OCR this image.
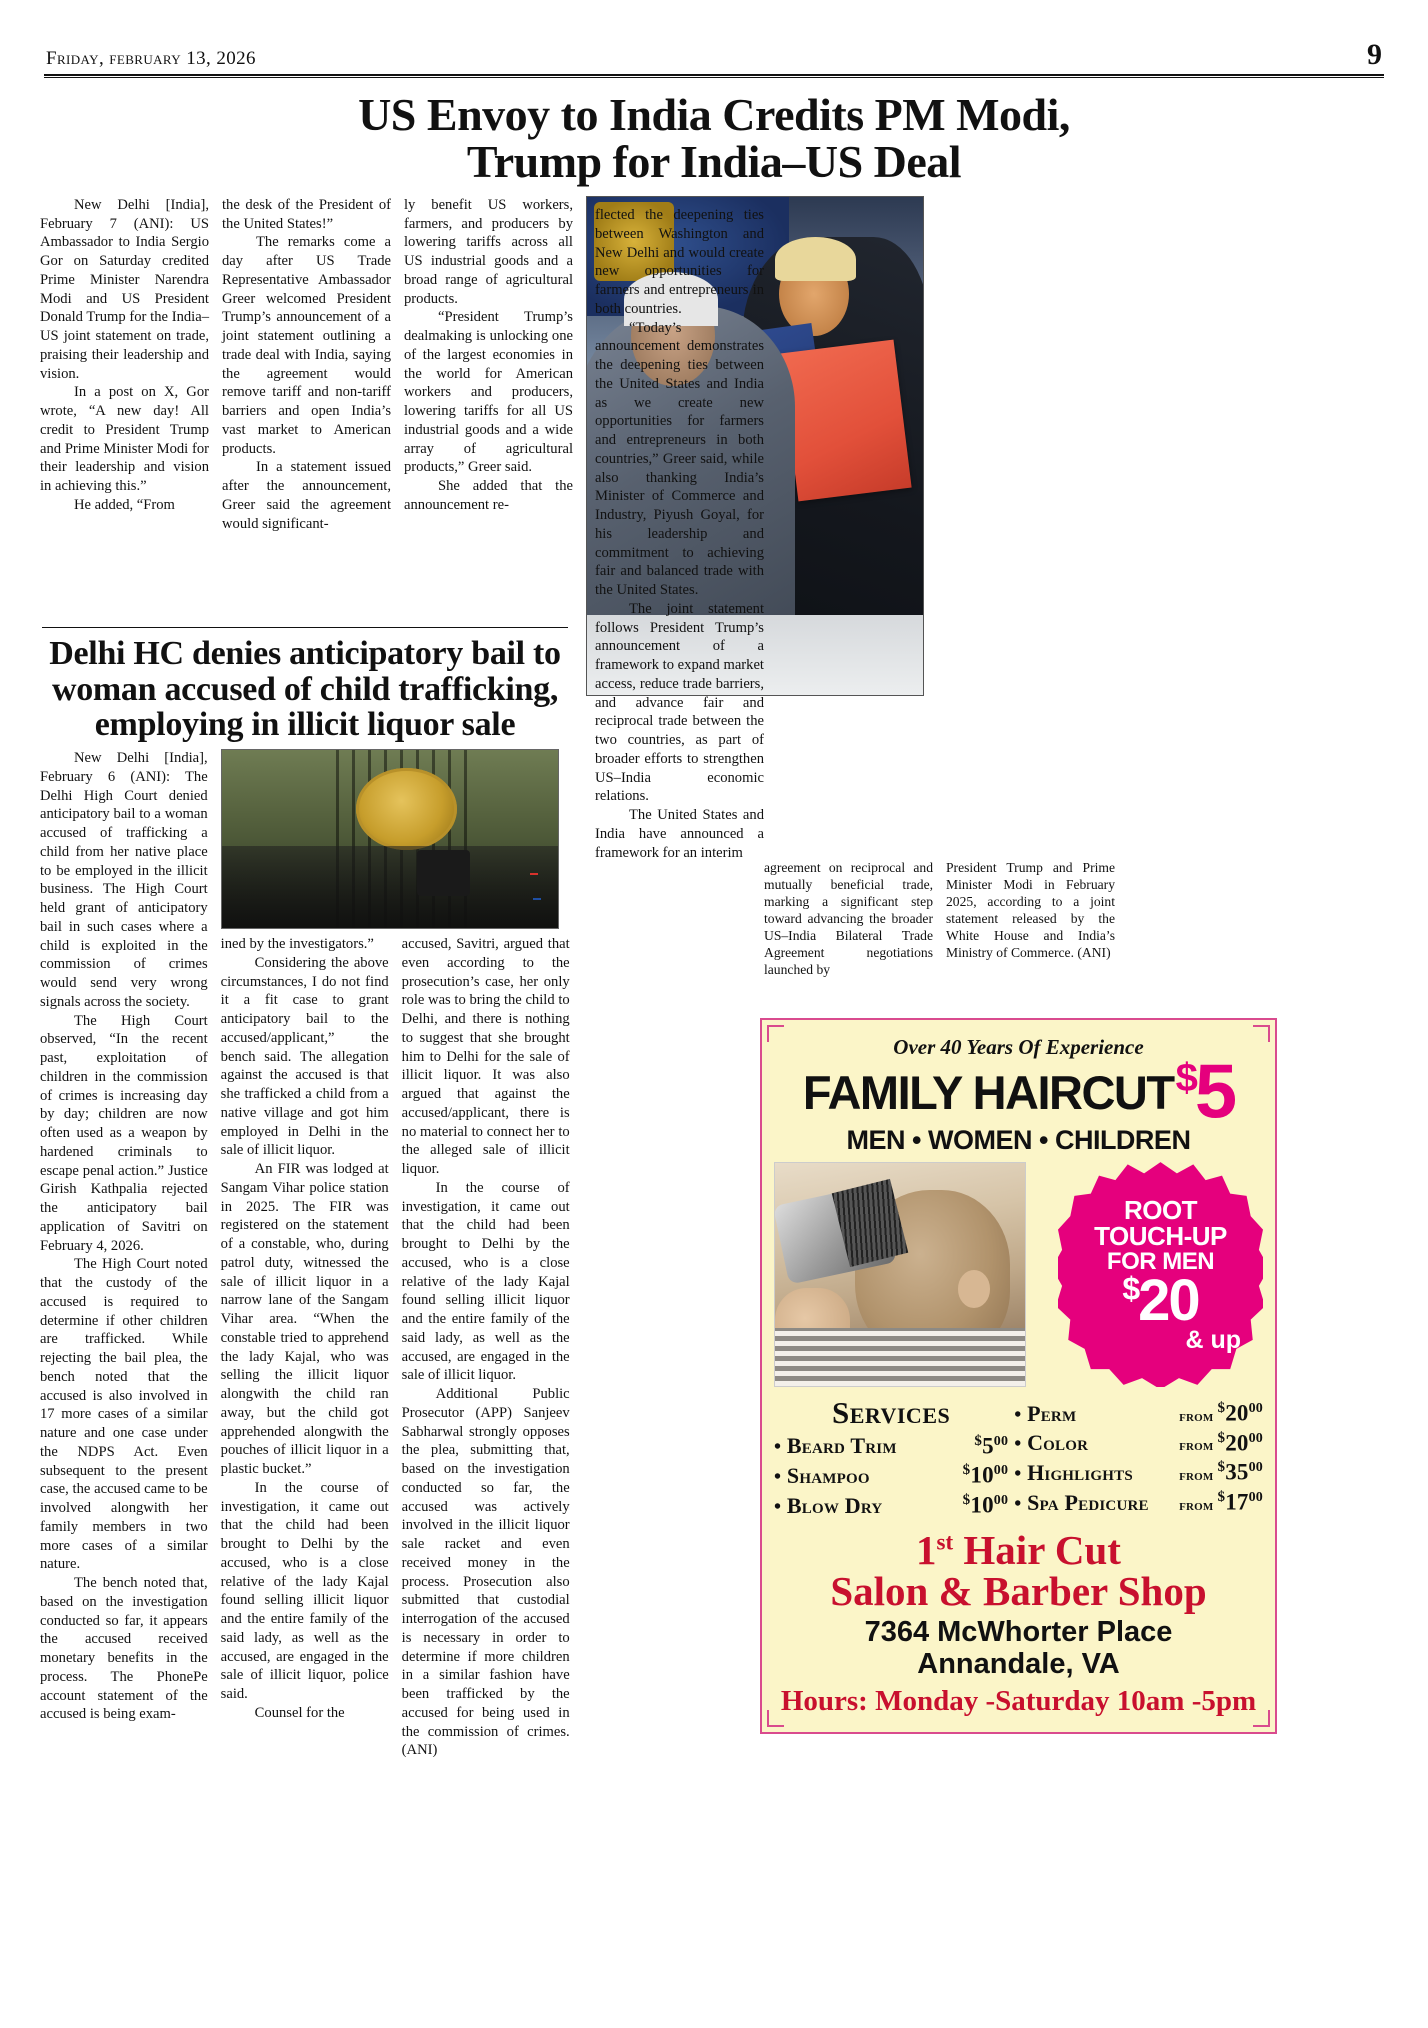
Friday, february 13, 2026	9
US Envoy to India Credits PM Modi,
Trump for India–US Deal

New Delhi [India], February 7 (ANI): US Ambassador to India Sergio Gor on Saturday credited Prime Minister Narendra Modi and US President Donald Trump for the India–US joint statement on trade, praising their leadership and vision.

In a post on X, Gor wrote, “A new day! All credit to President Trump and Prime Minister Modi for their leadership and vision in achieving this.”

He added, “From

the desk of the President of the United States!”

The remarks come a day after US Trade Representative Ambassador Greer welcomed President Trump’s announcement of a joint statement outlining a trade deal with India, saying the agreement would remove tariff and non-tariff barriers and open India’s vast market to American products.

In a statement issued after the announcement, Greer said the agreement would significant-

ly benefit US workers, farmers, and producers by lowering tariffs across all US industrial goods and a broad range of agricultural products.

“President Trump’s dealmaking is unlocking one of the largest economies in the world for American workers and producers, lowering tariffs for all US industrial goods and a wide array of agricultural products,” Greer said.

She added that the announcement re-

flected the deepening ties between Washington and New Delhi and would create new opportunities for farmers and entrepreneurs in both countries.

“Today’s announcement demonstrates the deepening ties between the United States and India as we create new opportunities for farmers and entrepreneurs in both countries,” Greer said, while also thanking India’s Minister of Commerce and Industry, Piyush Goyal, for his leadership and commitment to achieving fair and balanced trade with the United States.

The joint statement follows President Trump’s announcement of a framework to expand market access, reduce trade barriers, and advance fair and reciprocal trade between the two countries, as part of broader efforts to strengthen US–India economic relations.

The United States and India have announced a framework for an interim

agreement on reciprocal and mutually beneficial trade, marking a significant step toward advancing the broader US–India Bilateral Trade Agreement negotiations launched by
President Trump and Prime Minister Modi in February 2025, according to a joint statement released by the White House and India’s Ministry of Commerce. (ANI)
Delhi HC denies anticipatory bail to
woman accused of child trafficking,
employing in illicit liquor sale

New Delhi [India], February 6 (ANI): The Delhi High Court denied anticipatory bail to a woman accused of trafficking a child from her native place to be employed in the illicit business. The High Court held grant of anticipatory bail in such cases where a child is exploited in the commission of crimes would send very wrong signals across the society.

The High Court observed, “In the recent past, exploitation of children in the commission of crimes is increasing day by day; children are now often used as a weapon by hardened criminals to escape penal action.” Justice Girish Kathpalia rejected the anticipatory bail application of Savitri on February 4, 2026.

The High Court noted that the custody of the accused is required to determine if other children are trafficked. While rejecting the bail plea, the bench noted that the accused is also involved in 17 more cases of a similar nature and one case under the NDPS Act. Even subsequent to the present case, the accused came to be involved alongwith her family members in two more cases of a similar nature.

The bench noted that, based on the investigation conducted so far, it appears the accused received monetary benefits in the process. The PhonePe account statement of the accused is being exam-

ined by the investigators.”

Considering the above circumstances, I do not find it a fit case to grant anticipatory bail to the accused/applicant,” the bench said. The allegation against the accused is that she trafficked a child from a native village and got him employed in Delhi in the sale of illicit liquor.

An FIR was lodged at Sangam Vihar police station in 2025. The FIR was registered on the statement of a constable, who, during patrol duty, witnessed the sale of illicit liquor in a narrow lane of the Sangam Vihar area. “When the constable tried to apprehend the lady Kajal, who was selling the illicit liquor alongwith the child ran away, but the child got apprehended alongwith the pouches of illicit liquor in a plastic bucket.”

In the course of investigation, it came out that the child had been brought to Delhi by the accused, who is a close relative of the lady Kajal found selling illicit liquor and the entire family of the said lady, as well as the accused, are engaged in the sale of illicit liquor, police said.

Counsel for the

accused, Savitri, argued that even according to the prosecution’s case, her only role was to bring the child to Delhi, and there is nothing to suggest that she brought him to Delhi for the sale of illicit liquor. It was also argued that against the accused/applicant, there is no material to connect her to the alleged sale of illicit liquor.

In the course of investigation, it came out that the child had been brought to Delhi by the accused, who is a close relative of the lady Kajal found selling illicit liquor and the entire family of the said lady, as well as the accused, are engaged in the sale of illicit liquor.

Additional Public Prosecutor (APP) Sanjeev Sabharwal strongly opposes the plea, submitting that, based on the investigation conducted so far, the accused was actively involved in the illicit liquor sale racket and even received money in the process. Prosecution also submitted that custodial interrogation of the accused is necessary in order to determine if more children in a similar fashion have been trafficked by the accused for being used in the commission of crimes. (ANI)

Over 40 Years Of Experience
FAMILY HAIRCUT $5
MEN • WOMEN • CHILDREN
ROOT
TOUCH-UP
FOR MEN
$20
& up
Services
• Beard Trim	$^{\$}5^{00}$
• Shampoo	$^{\$}10^{00}$
• Blow Dry	$^{\$}10^{00}$
• Perm	$from^{\$}20^{00}$
• Color	$from^{\$}20^{00}$
• Highlights	$from^{\$}35^{00}$
• Spa Pedicure $from^{\$}17^{00}$
1st Hair Cut
Salon & Barber Shop
7364 McWhorter Place
Annandale, VA
Hours: Monday -Saturday 10am -5pm
